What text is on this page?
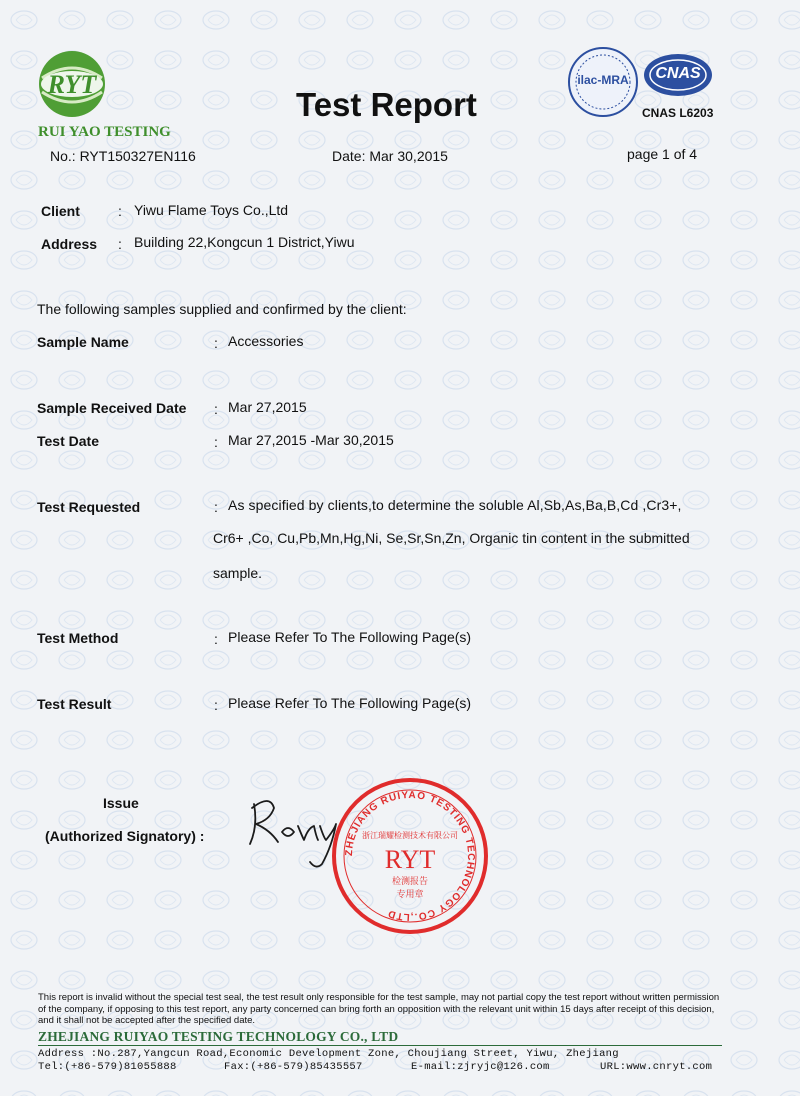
RYT
RUI YAO TESTING
Test Report
ilac-MRA	CNAS
CNAS L6203
No.: RYT150327EN116	Date: Mar 30,2015	page 1 of 4
Client	: Yiwu Flame Toys Co.,Ltd
Address : Building 22,Kongcun 1 District,Yiwu
The following samples supplied and confirmed by the client:
Sample Name	: Accessories
Sample Received Date : Mar 27,2015
Test Date	: Mar 27,2015 -Mar 30,2015
Test Requested	: As specified by clients,to determine the soluble Al,Sb,As,Ba,B,Cd ,Cr3+,
Cr6+ ,Co, Cu,Pb,Mn,Hg,Ni, Se,Sr,Sn,Zn, Organic tin content in the submitted
sample.
Test Method	: Please Refer To The Following Page(s)
Test Result	: Please Refer To The Following Page(s)
Issue
(Authorized Signatory) :
ZHEJIANG RUIYAO TESTING TECHNOLOGY CO.,LTD
浙江瑞耀检测技术有限公司
RYT
检测报告
专用章
This report is invalid without the special test seal, the test result only responsible for the test sample, may not partial copy the test report without written permission of the company, if opposing to this test report, any party concerned can bring forth an opposition with the relevant unit within 15 days after receipt of this decision, and it shall not be accepted after the specified date.
ZHEJIANG RUIYAO TESTING TECHNOLOGY CO., LTD
Address :No.287,Yangcun Road,Economic Development Zone, Choujiang Street, Yiwu, Zhejiang
Tel:(+86-579)81055888	Fax:(+86-579)85435557	E-mail:zjryjc@126.com	URL:www.cnryt.com
